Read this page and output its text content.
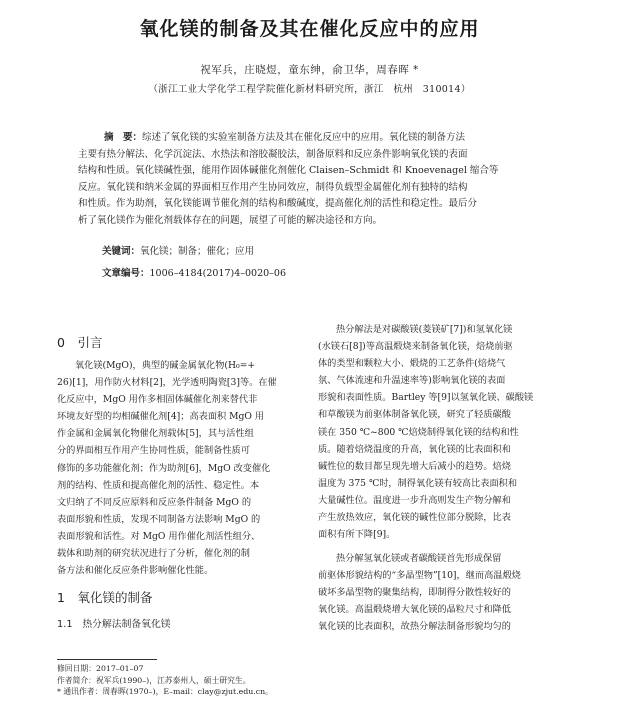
氧化镁的制备及其在催化反应中的应用
祝军兵，庄晓煜，童东绅，俞卫华，周春晖 *
（浙江工业大学化学工程学院催化新材料研究所，浙江　杭州　310014）
摘　要：综述了氧化镁的实验室制备方法及其在催化反应中的应用。氧化镁的制备方法
主要有热分解法、化学沉淀法、水热法和溶胶凝胶法，制备原料和反应条件影响氧化镁的表面
结构和性质。氧化镁碱性强，能用作固体碱催化剂催化 Claisen–Schmidt 和 Knoevenagel 缩合等
反应。氧化镁和纳米金属的界面相互作用产生协同效应，制得负载型金属催化剂有独特的结构
和性质。作为助剂，氧化镁能调节催化剂的结构和酸碱度，提高催化剂的活性和稳定性。最后分
析了氧化镁作为催化剂载体存在的问题，展望了可能的解决途径和方向。
关键词：氧化镁；制备；催化；应用
文章编号：1006–4184(2017)4–0020–06
0　引言
氧化镁(MgO)，典型的碱金属氧化物(H₀=+
26)[1]，用作防火材料[2]，光学透明陶瓷[3]等。在催
化反应中，MgO 用作多相固体碱催化剂来替代非
环境友好型的均相碱催化剂[4]；高表面积 MgO 用
作金属和金属氧化物催化剂载体[5]，其与活性组
分的界面相互作用产生协同性质，能制备性质可
修饰的多功能催化剂；作为助剂[6]，MgO 改变催化
剂的结构、性质和提高催化剂的活性、稳定性。本
文归纳了不同反应原料和反应条件制备 MgO 的
表面形貌和性质，发现不同制备方法影响 MgO 的
表面形貌和活性。对 MgO 用作催化剂活性组分、
载体和助剂的研究状况进行了分析，催化剂的制
备方法和催化反应条件影响催化性能。
1　氧化镁的制备
1.1　热分解法制备氧化镁
热分解法是对碳酸镁(菱镁矿[7])和氢氧化镁
(水镁石[8])等高温煅烧来制备氧化镁，焙烧前驱
体的类型和颗粒大小、煅烧的工艺条件(焙烧气
氛、气体流速和升温速率等)影响氧化镁的表面
形貌和表面性质。Bartley 等[9]以氢氧化镁、碳酸镁
和草酸镁为前驱体制备氧化镁，研究了轻质碳酸
镁在 350 ℃~800 ℃焙烧制得氧化镁的结构和性
质。随着焙烧温度的升高，氧化镁的比表面积和
碱性位的数目都呈现先增大后减小的趋势。焙烧
温度为 375 ℃时，制得氧化镁有较高比表面积和
大量碱性位。温度进一步升高则发生产物分解和
产生放热效应，氧化镁的碱性位部分脱除，比表
面积有所下降[9]。
热分解氢氧化镁或者碳酸镁首先形成保留
前驱体形貌结构的“多晶型物”[10]，继而高温煅烧
破坏多晶型物的聚集结构，即制得分散性较好的
氧化镁。高温煅烧增大氧化镁的晶粒尺寸和降低
氧化镁的比表面积，故热分解法制备形貌均匀的
修回日期：2017–01–07
作者简介：祝军兵(1990–)，江苏泰州人，硕士研究生。
* 通讯作者：周春晖(1970–)，E–mail：clay@zjut.edu.cn。
